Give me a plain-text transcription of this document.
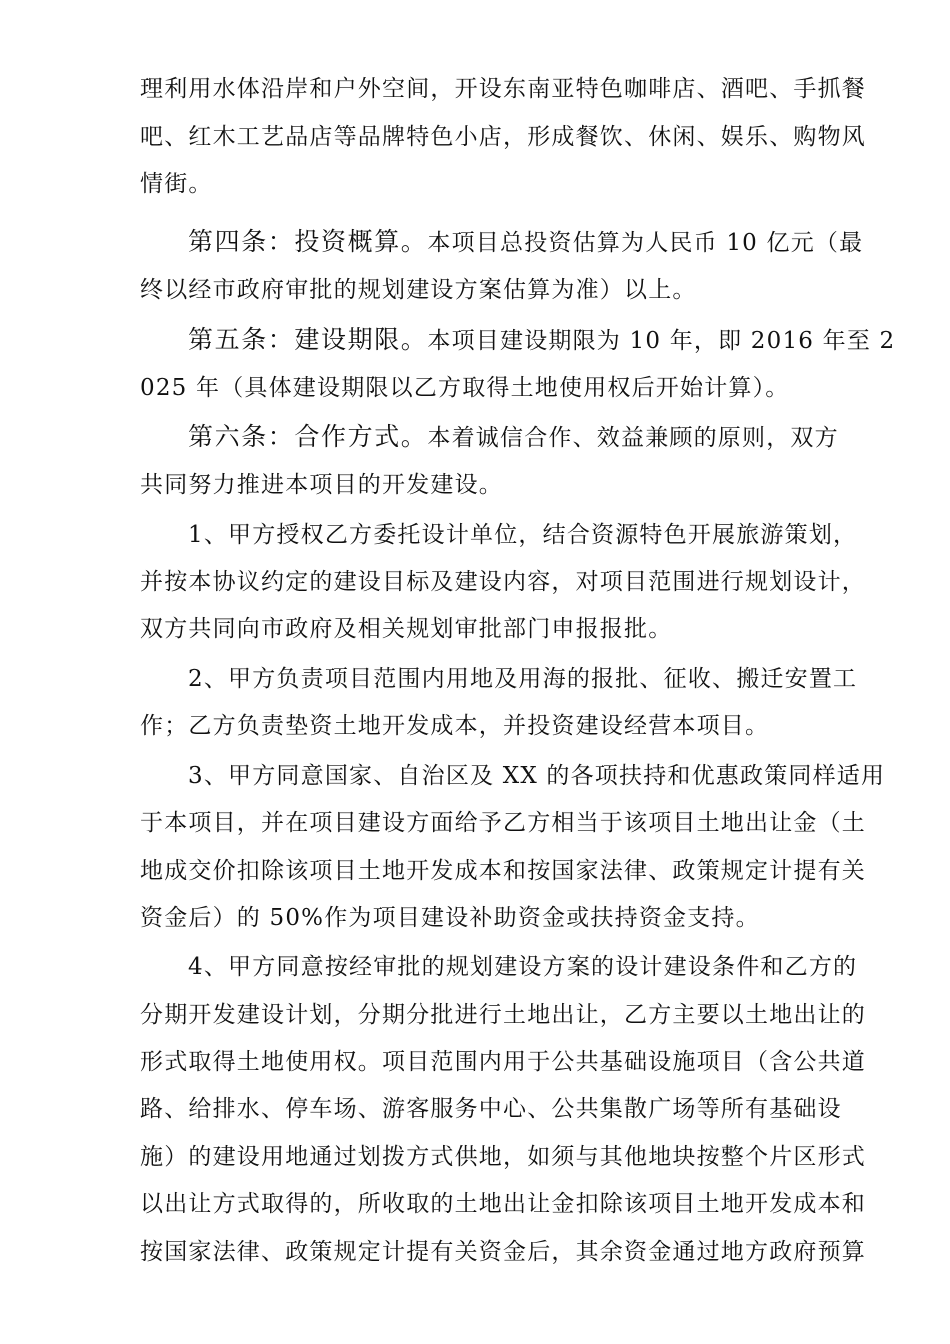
理利用水体沿岸和户外空间，开设东南亚特色咖啡店、酒吧、手抓餐
吧、红木工艺品店等品牌特色小店，形成餐饮、休闲、娱乐、购物风
情街。
第四条：投资概算。本项目总投资估算为人民币 10 亿元（最
终以经市政府审批的规划建设方案估算为准）以上。
第五条：建设期限。本项目建设期限为 10 年，即 2016 年至 2
025 年（具体建设期限以乙方取得土地使用权后开始计算）。
第六条：合作方式。本着诚信合作、效益兼顾的原则，双方
共同努力推进本项目的开发建设。
1、甲方授权乙方委托设计单位，结合资源特色开展旅游策划，
并按本协议约定的建设目标及建设内容，对项目范围进行规划设计，
双方共同向市政府及相关规划审批部门申报报批。
2、甲方负责项目范围内用地及用海的报批、征收、搬迁安置工
作；乙方负责垫资土地开发成本，并投资建设经营本项目。
3、甲方同意国家、自治区及 XX 的各项扶持和优惠政策同样适用
于本项目，并在项目建设方面给予乙方相当于该项目土地出让金（土
地成交价扣除该项目土地开发成本和按国家法律、政策规定计提有关
资金后）的 50%作为项目建设补助资金或扶持资金支持。
4、甲方同意按经审批的规划建设方案的设计建设条件和乙方的
分期开发建设计划，分期分批进行土地出让，乙方主要以土地出让的
形式取得土地使用权。项目范围内用于公共基础设施项目（含公共道
路、给排水、停车场、游客服务中心、公共集散广场等所有基础设
施）的建设用地通过划拨方式供地，如须与其他地块按整个片区形式
以出让方式取得的，所收取的土地出让金扣除该项目土地开发成本和
按国家法律、政策规定计提有关资金后，其余资金通过地方政府预算
